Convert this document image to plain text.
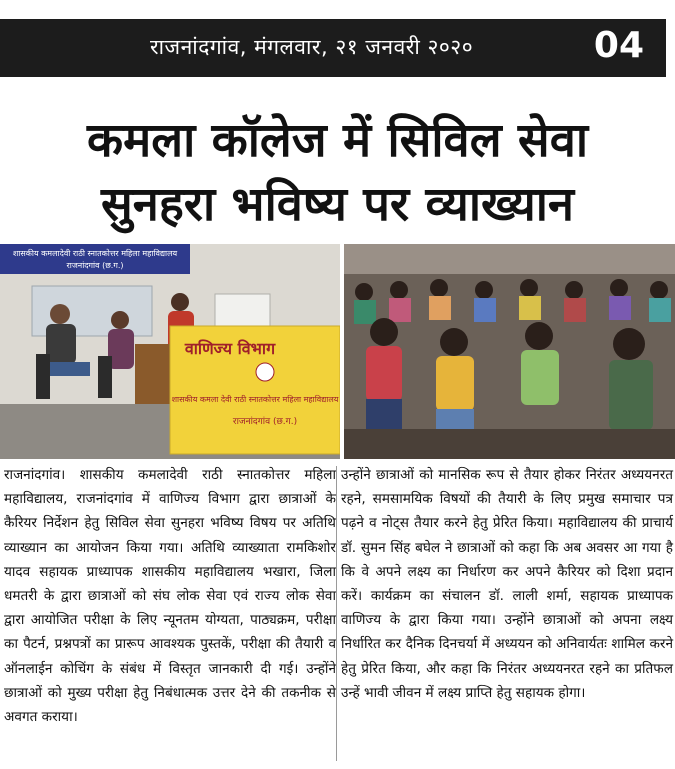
राजनांदगांव, मंगलवार, २१ जनवरी २०२०	04
कमला कॉलेज में सिविल सेवा
सुनहरा भविष्य पर व्याख्यान
शासकीय कमलादेवी राठी स्नातकोत्तर महिला महाविद्यालय
राजनांदगांव (छ.ग.)
वाणिज्य विभाग
शासकीय कमला देवी राठी स्नातकोत्तर महिला महाविद्यालय
राजनांदगांव (छ.ग.)
राजनांदगांव। शासकीय कमलादेवी राठी स्नातकोत्तर महिला महाविद्यालय, राजनांदगांव में वाणिज्य विभाग द्वारा छात्राओं के कैरियर निर्देशन हेतु सिविल सेवा सुनहरा भविष्य विषय पर अतिथि व्याख्यान का आयोजन किया गया। अतिथि व्याख्याता रामकिशोर यादव सहायक प्राध्यापक शासकीय महाविद्यालय भखारा, जिला धमतरी के द्वारा छात्राओं को संघ लोक सेवा एवं राज्य लोक सेवा द्वारा आयोजित परीक्षा के लिए न्यूनतम योग्यता, पाठ्यक्रम, परीक्षा का पैटर्न, प्रश्नपत्रों का प्रारूप आवश्यक पुस्तकें, परीक्षा की तैयारी व ऑनलाईन कोचिंग के संबंध में विस्तृत जानकारी दी गई। उन्होंने छात्राओं को मुख्य परीक्षा हेतु निबंधात्मक उत्तर देने की तकनीक से अवगत कराया।
उन्होंने छात्राओं को मानसिक रूप से तैयार होकर निरंतर अध्ययनरत रहने, समसामयिक विषयों की तैयारी के लिए प्रमुख समाचार पत्र पढ़ने व नोट्स तैयार करने हेतु प्रेरित किया। महाविद्यालय की प्राचार्य डॉ. सुमन सिंह बघेल ने छात्राओं को कहा कि अब अवसर आ गया है कि वे अपने लक्ष्य का निर्धारण कर अपने कैरियर को दिशा प्रदान करें। कार्यक्रम का संचालन डॉ. लाली शर्मा, सहायक प्राध्यापक वाणिज्य के द्वारा किया गया। उन्होंने छात्राओं को अपना लक्ष्य निर्धारित कर दैनिक दिनचर्या में अध्ययन को अनिवार्यतः शामिल करने हेतु प्रेरित किया, और कहा कि निरंतर अध्ययनरत रहने का प्रतिफल उन्हें भावी जीवन में लक्ष्य प्राप्ति हेतु सहायक होगा।
